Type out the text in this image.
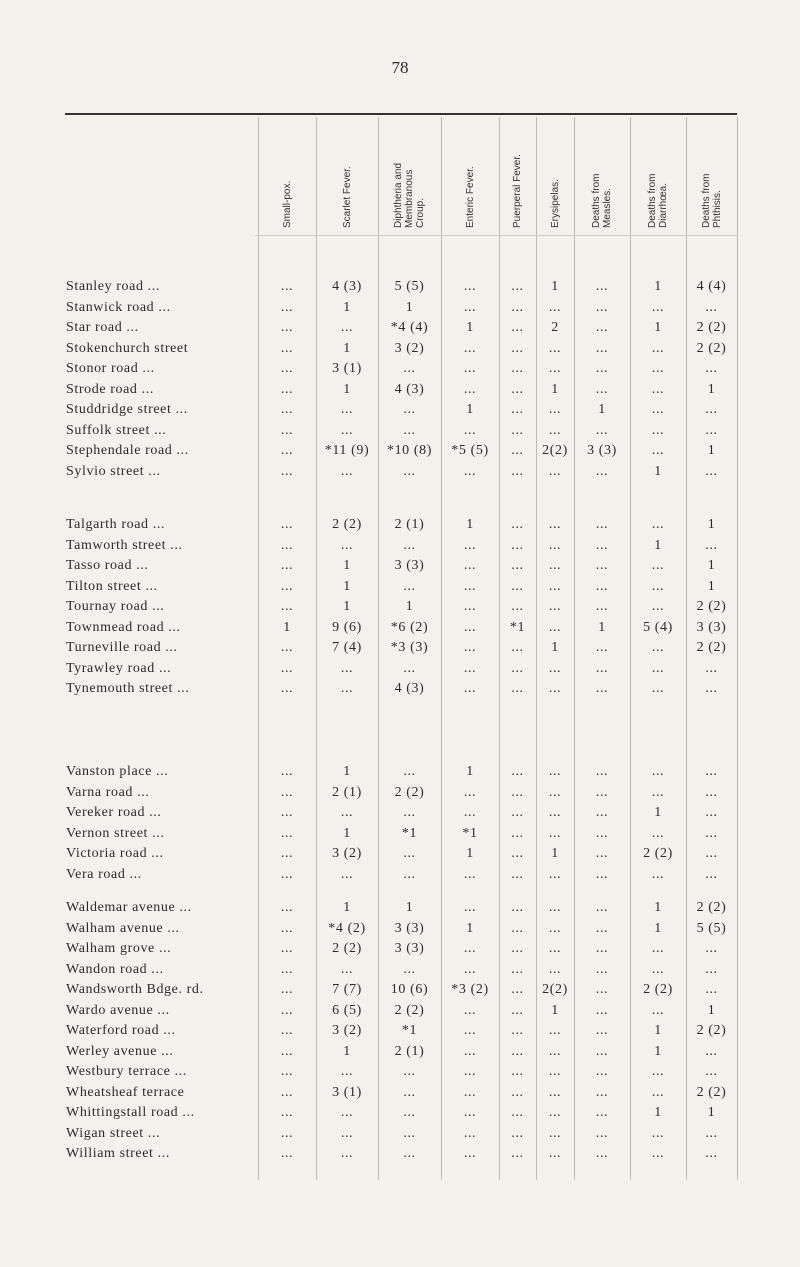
78
Small-pox.	Scarlet Fever.	Diphtheria and
Membranous
Croup.	Enteric Fever.	Puerperal Fever.	Erysipelas.	Deaths from
Measles.	Deaths from
Diarrhœa.	Deaths from
Phthisis.
Stanley road ...	...	4 (3)	5 (5)	...	...	1	...	1	4 (4)
Stanwick road ...	...	1	1	...	...	...	...	...	...
Star road ...	...	...	*4 (4)	1	...	2	...	1	2 (2)
Stokenchurch street	...	1	3 (2)	...	...	...	...	...	2 (2)
Stonor road ...	...	3 (1)	...	...	...	...	...	...	...
Strode road ...	...	1	4 (3)	...	...	1	...	...	1
Studdridge street ...	...	...	...	1	...	...	1	...	...
Suffolk street ...	...	...	...	...	...	...	...	...	...
Stephendale road ...	...	*11 (9)	*10 (8)	*5 (5)	...	2(2)	3 (3)	...	1
Sylvio street ...	...	...	...	...	...	...	...	1	...
Talgarth road ...	...	2 (2)	2 (1)	1	...	...	...	...	1
Tamworth street ...	...	...	...	...	...	...	...	1	...
Tasso road ...	...	1	3 (3)	...	...	...	...	...	1
Tilton street ...	...	1	...	...	...	...	...	...	1
Tournay road ...	...	1	1	...	...	...	...	...	2 (2)
Townmead road ...	1	9 (6)	*6 (2)	...	*1	...	1	5 (4)	3 (3)
Turneville road ...	...	7 (4)	*3 (3)	...	...	1	...	...	2 (2)
Tyrawley road ...	...	...	...	...	...	...	...	...	...
Tynemouth street ...	...	...	4 (3)	...	...	...	...	...	...
Vanston place ...	...	1	...	1	...	...	...	...	...
Varna road ...	...	2 (1)	2 (2)	...	...	...	...	...	...
Vereker road ...	...	...	...	...	...	...	...	1	...
Vernon street ...	...	1	*1	*1	...	...	...	...	...
Victoria road ...	...	3 (2)	...	1	...	1	...	2 (2)	...
Vera road ...	...	...	...	...	...	...	...	...	...
Waldemar avenue ...	...	1	1	...	...	...	...	1	2 (2)
Walham avenue ...	...	*4 (2)	3 (3)	1	...	...	...	1	5 (5)
Walham grove ...	...	2 (2)	3 (3)	...	...	...	...	...	...
Wandon road ...	...	...	...	...	...	...	...	...	...
Wandsworth Bdge. rd.	...	7 (7)	10 (6)	*3 (2)	...	2(2)	...	2 (2)	...
Wardo avenue ...	...	6 (5)	2 (2)	...	...	1	...	...	1
Waterford road ...	...	3 (2)	*1	...	...	...	...	1	2 (2)
Werley avenue ...	...	1	2 (1)	...	...	...	...	1	...
Westbury terrace ...	...	...	...	...	...	...	...	...	...
Wheatsheaf terrace	...	3 (1)	...	...	...	...	...	...	2 (2)
Whittingstall road ...	...	...	...	...	...	...	...	1	1
Wigan street ...	...	...	...	...	...	...	...	...	...
William street ...	...	...	...	...	...	...	...	...	...
